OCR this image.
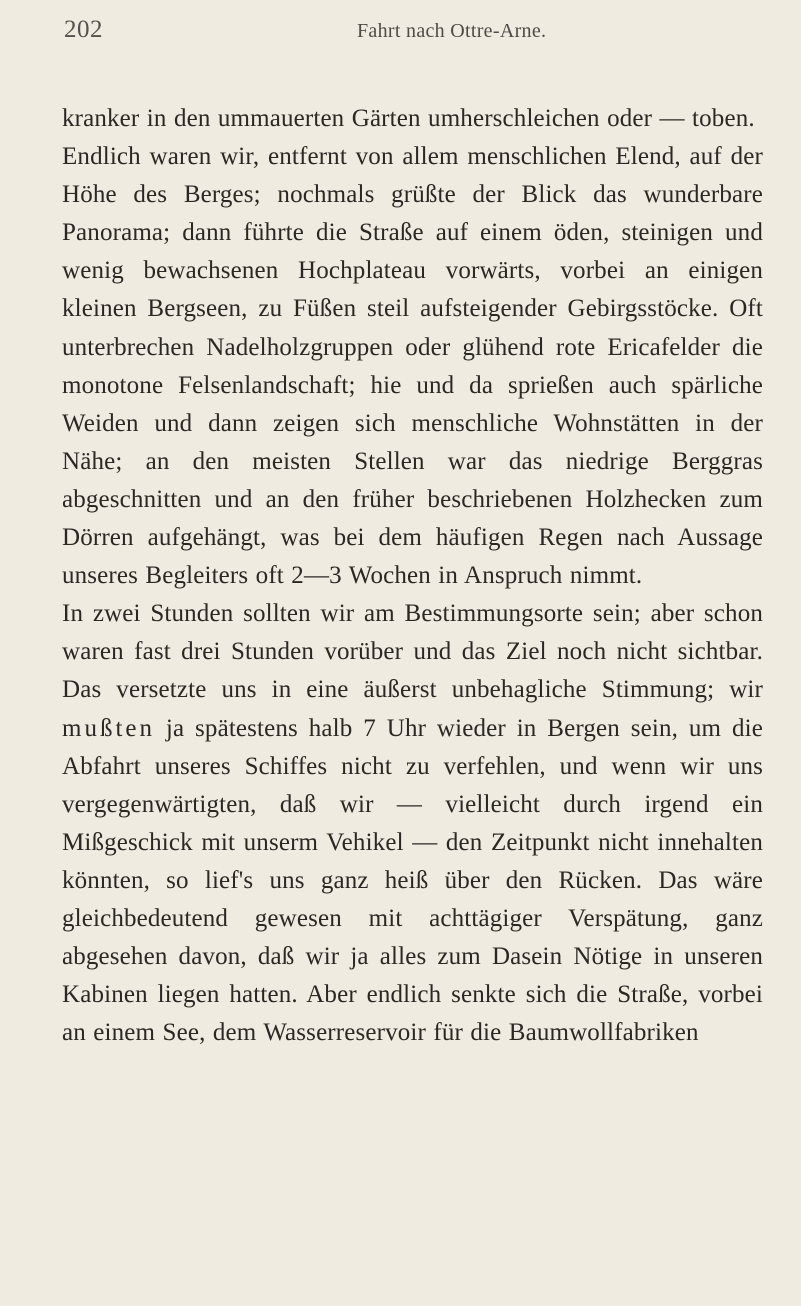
202	Fahrt nach Ottre-Arne.

kranker in den ummauerten Gärten umherschleichen oder — toben.

Endlich waren wir, entfernt von allem menschlichen Elend, auf der Höhe des Berges; nochmals grüßte der Blick das wunderbare Panorama; dann führte die Straße auf einem öden, steinigen und wenig bewachsenen Hochplateau vorwärts, vorbei an einigen kleinen Bergseen, zu Füßen steil aufsteigender Gebirgsstöcke. Oft unterbrechen Nadelholzgruppen oder glühend rote Ericafelder die monotone Felsenlandschaft; hie und da sprießen auch spärliche Weiden und dann zeigen sich menschliche Wohnstätten in der Nähe; an den meisten Stellen war das niedrige Berggras abgeschnitten und an den früher beschriebenen Holzhecken zum Dörren aufgehängt, was bei dem häufigen Regen nach Aussage unseres Begleiters oft 2—3 Wochen in Anspruch nimmt.

In zwei Stunden sollten wir am Bestimmungsorte sein; aber schon waren fast drei Stunden vorüber und das Ziel noch nicht sichtbar. Das versetzte uns in eine äußerst unbehagliche Stimmung; wir mußten ja spätestens halb 7 Uhr wieder in Bergen sein, um die Abfahrt unseres Schiffes nicht zu verfehlen, und wenn wir uns vergegenwärtigten, daß wir — vielleicht durch irgend ein Mißgeschick mit unserm Vehikel — den Zeitpunkt nicht innehalten könnten, so lief's uns ganz heiß über den Rücken. Das wäre gleichbedeutend gewesen mit achttägiger Verspätung, ganz abgesehen davon, daß wir ja alles zum Dasein Nötige in unseren Kabinen liegen hatten. Aber endlich senkte sich die Straße, vorbei an einem See, dem Wasserreservoir für die Baumwollfabriken
